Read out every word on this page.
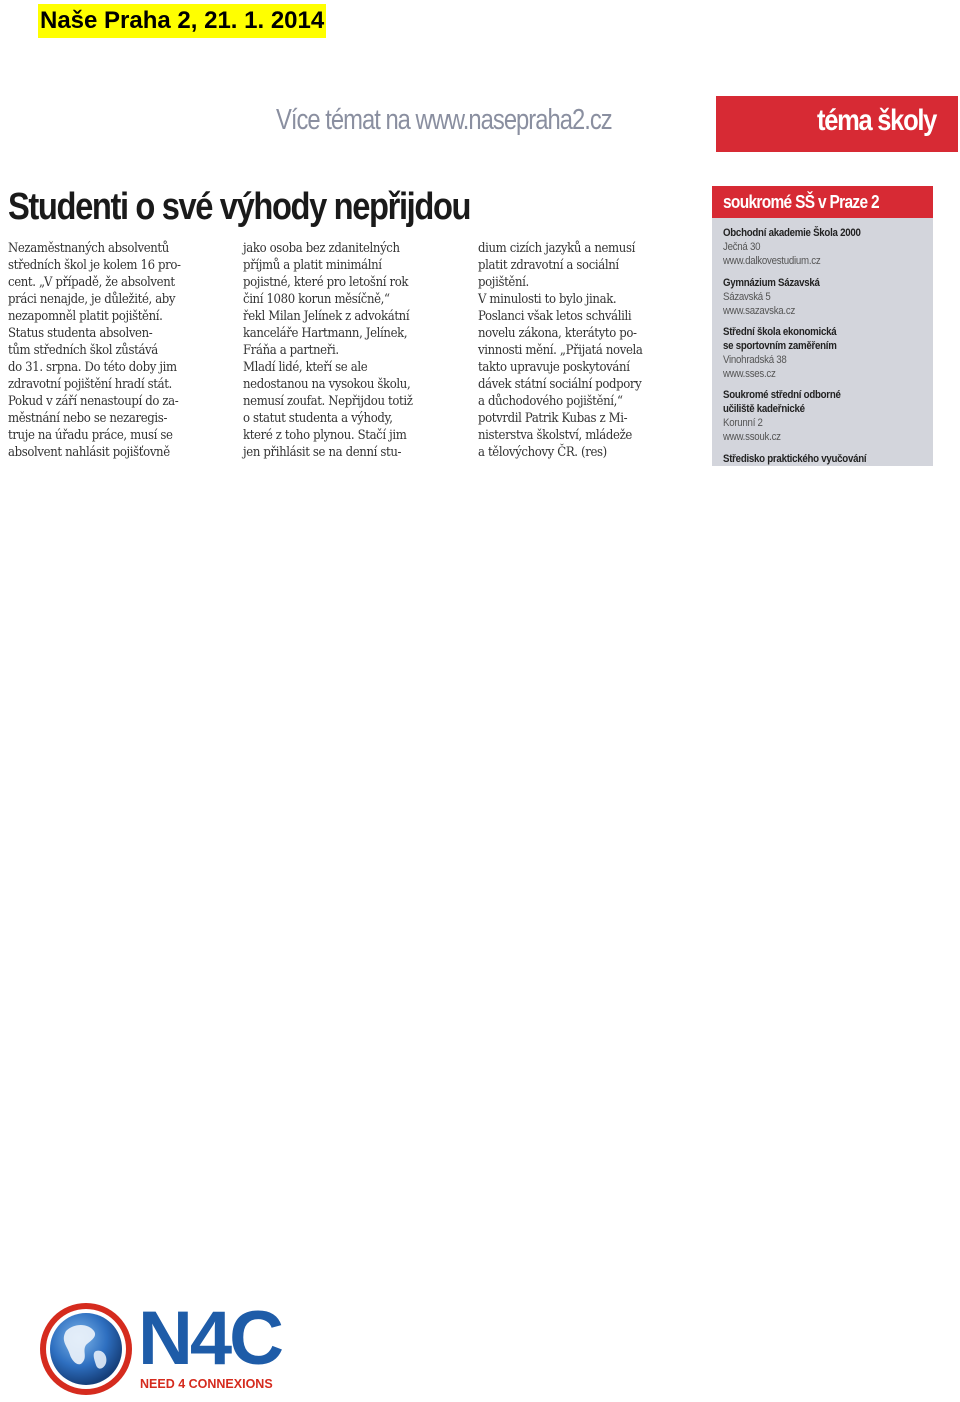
Naše Praha 2, 21. 1. 2014
Více témat na www.nasepraha2.cz	téma školy
Studenti o své výhody nepřijdou
Nezaměstnaných absolventů
středních škol je kolem 16 pro-
cent. „V případě, že absolvent
práci nenajde, je důležité, aby
nezapomněl platit pojištění.
Status studenta absolven-
tům středních škol zůstává
do 31. srpna. Do této doby jim
zdravotní pojištění hradí stát.
Pokud v září nenastoupí do za-
městnání nebo se nezaregis-
truje na úřadu práce, musí se
absolvent nahlásit pojišťovně
jako osoba bez zdanitelných
příjmů a platit minimální
pojistné, které pro letošní rok
činí 1080 korun měsíčně,“
řekl Milan Jelínek z advokátní
kanceláře Hartmann, Jelínek,
Fráňa a partneři.
Mladí lidé, kteří se ale
nedostanou na vysokou školu,
nemusí zoufat. Nepřijdou totiž
o statut studenta a výhody,
které z toho plynou. Stačí jim
jen přihlásit se na denní stu-
dium cizích jazyků a nemusí
platit zdravotní a sociální
pojištění.
V minulosti to bylo jinak.
Poslanci však letos schválili
novelu zákona, kterátyto po-
vinnosti mění. „Přijatá novela
takto upravuje poskytování
dávek státní sociální podpory
a důchodového pojištění,“
potvrdil Patrik Kubas z Mi-
nisterstva školství, mládeže
a tělovýchovy ČR. (res)
soukromé SŠ v Praze 2
Obchodní akademie Škola 2000
Ječná 30
www.dalkovestudium.cz
Gymnázium Sázavská
Sázavská 5
www.sazavska.cz
Střední škola ekonomická
se sportovním zaměřením
Vinohradská 38
www.sses.cz
Soukromé střední odborné
učiliště kadeřnické
Korunní 2
www.ssouk.cz
Středisko praktického vyučování
N4C
NEED 4 CONNEXIONS
